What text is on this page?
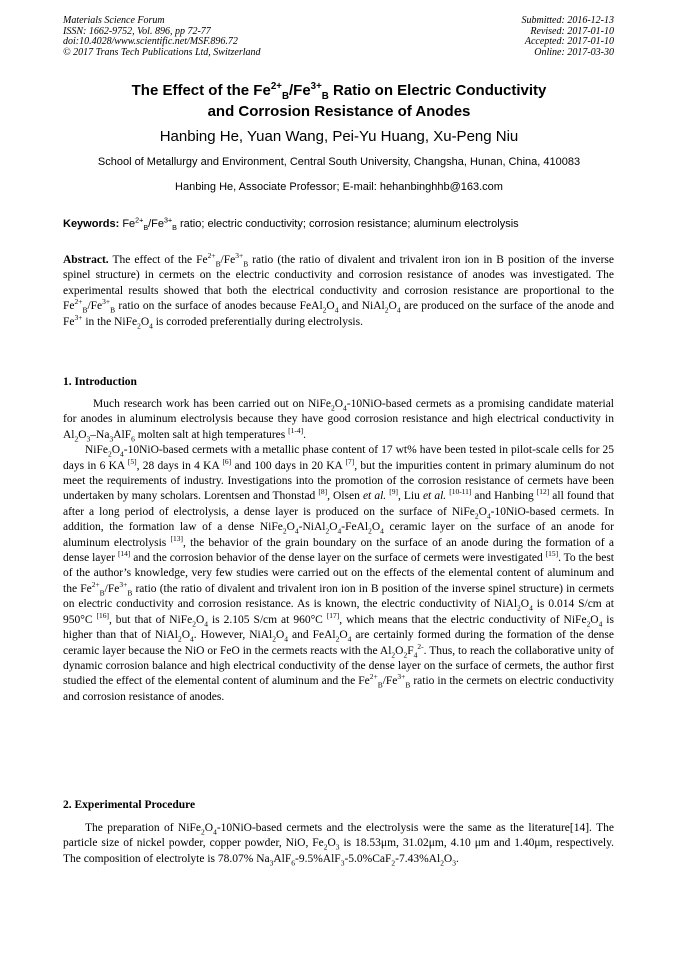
Materials Science Forum
ISSN: 1662-9752, Vol. 896, pp 72-77
doi:10.4028/www.scientific.net/MSF.896.72
© 2017 Trans Tech Publications Ltd, Switzerland
Submitted: 2016-12-13
Revised: 2017-01-10
Accepted: 2017-01-10
Online: 2017-03-30
The Effect of the $Fe^{2+}_B/Fe^{3+}_B$ Ratio on Electric Conductivity
and Corrosion Resistance of Anodes
Hanbing He, Yuan Wang, Pei-Yu Huang, Xu-Peng Niu
School of Metallurgy and Environment, Central South University, Changsha, Hunan, China, 410083
Hanbing He, Associate Professor; E-mail: hehanbinghhb@163.com
Keywords: $Fe^{2+}_B/Fe^{3+}_B$ ratio; electric conductivity; corrosion resistance; aluminum electrolysis
Abstract. The effect of the $Fe^{2+}_B/Fe^{3+}_B$ ratio (the ratio of divalent and trivalent iron ion in B position of the inverse spinel structure) in cermets on the electric conductivity and corrosion resistance of anodes was investigated. The experimental results showed that both the electrical conductivity and corrosion resistance are proportional to the $Fe^{2+}_B/Fe^{3+}_B$ ratio on the surface of anodes because $FeAl_2O_4$ and $NiAl_2O_4$ are produced on the surface of the anode and $Fe^{3+}$ in the $NiFe_2O_4$ is corroded preferentially during electrolysis.
1. Introduction

Much research work has been carried out on $NiFe_2O_4-10NiO$-based cermets as a promising candidate material for anodes in aluminum electrolysis because they have good corrosion resistance and high electrical conductivity in $Al_2O_3-Na_3AlF_6$ molten salt at high temperatures [1-4].

$NiFe_2O_4-10NiO$-based cermets with a metallic phase content of 17 wt% have been tested in pilot-scale cells for 25 days in 6 KA [5], 28 days in 4 KA [6] and 100 days in 20 KA [7], but the impurities content in primary aluminum do not meet the requirements of industry. Investigations into the promotion of the corrosion resistance of cermets have been undertaken by many scholars. Lorentsen and Thonstad [8], Olsen et al. [9], Liu et al. [10-11] and Hanbing [12] all found that after a long period of electrolysis, a dense layer is produced on the surface of $NiFe_2O_4-10NiO$-based cermets. In addition, the formation law of a dense $NiFe_2O_4-NiAl_2O_4-FeAl_2O_4$ ceramic layer on the surface of an anode for aluminum electrolysis [13], the behavior of the grain boundary on the surface of an anode during the formation of a dense layer [14] and the corrosion behavior of the dense layer on the surface of cermets were investigated [15]. To the best of the author’s knowledge, very few studies were carried out on the effects of the elemental content of aluminum and the $Fe^{2+}_B/Fe^{3+}_B$ ratio (the ratio of divalent and trivalent iron ion in B position of the inverse spinel structure) in cermets on electric conductivity and corrosion resistance. As is known, the electric conductivity of $NiAl_2O_4$ is 0.014 S/cm at 950°C [16], but that of $NiFe_2O_4$ is 2.105 S/cm at 960°C [17], which means that the electric conductivity of $NiFe_2O_4$ is higher than that of $NiAl_2O_4$. However, $NiAl_2O_4$ and $FeAl_2O_4$ are certainly formed during the formation of the dense ceramic layer because the NiO or FeO in the cermets reacts with the $Al_2O_2F_4^{2-}$. Thus, to reach the collaborative unity of dynamic corrosion balance and high electrical conductivity of the dense layer on the surface of cermets, the author first studied the effect of the elemental content of aluminum and the $Fe^{2+}_B/Fe^{3+}_B$ ratio in the cermets on electric conductivity and corrosion resistance of anodes.

2. Experimental Procedure

The preparation of $NiFe_2O_4-10NiO$-based cermets and the electrolysis were the same as the literature[14]. The particle size of nickel powder, copper powder, NiO, $Fe_2O_3$ is 18.53μm, 31.02μm, 4.10 μm and 1.40μm, respectively. The composition of electrolyte is 78.07% $Na_3AlF_6-9.5\%AlF_3-5.0\%CaF_2-7.43\%Al_2O_3$.
